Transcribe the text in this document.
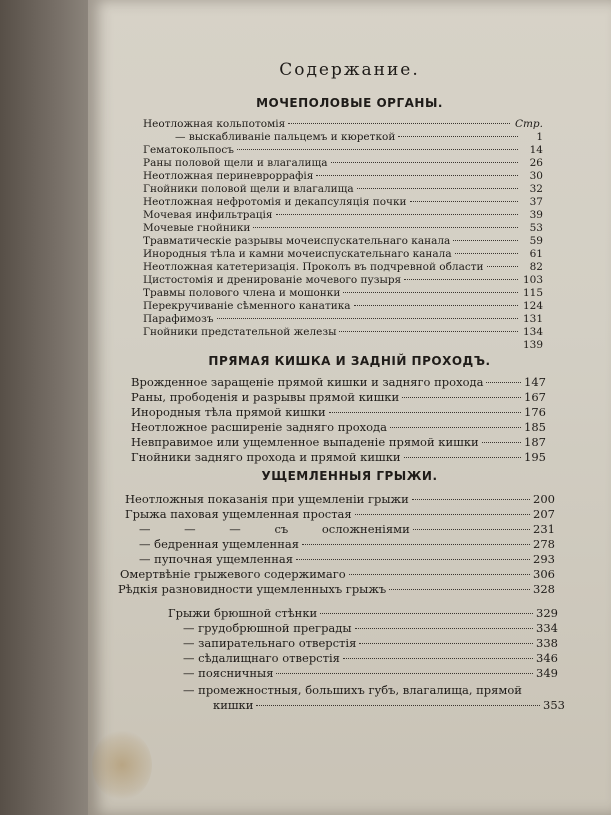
Содержание.
МОЧЕПОЛОВЫЕ ОРГАНЫ.
Неотложная кольпотомія	Стр.
— выскабливаніе пальцемъ и кюреткой	1
Гематокольпосъ	14
Раны половой щели и влагалища	26
Неотложная периневроррафія	30
Гнойники половой щели и влагалища	32
Неотложная нефротомія и декапсуляція почки	37
Мочевая инфильтрація	39
Мочевые гнойники	53
Травматическіе разрывы мочеиспускательнаго канала	59
Инородныя тѣла и камни мочеиспускательнаго канала	61
Неотложная катетеризація. Проколъ въ подчревной области	82
Цистостомія и дренированіе мочевого пузыря	103
Травмы полового члена и мошонки	115
Перекручиваніе сѣменного канатика	124
Парафимозъ	131
Гнойники предстательной железы	134
139
ПРЯМАЯ КИШКА И ЗАДНІЙ ПРОХОДЪ.
Врожденное заращеніе прямой кишки и задняго прохода	147
Раны, прободенія и разрывы прямой кишки	167
Инородныя тѣла прямой кишки	176
Неотложное расширеніе задняго прохода	185
Невправимое или ущемленное выпаденіе прямой кишки	187
Гнойники задняго прохода и прямой кишки	195
УЩЕМЛЕННЫЯ ГРЫЖИ.
Неотложныя показанія при ущемленіи грыжи	200
Грыжа паховая ущемленная простая	207
— — — съ осложненіями	231
— бедренная ущемленная	278
— пупочная ущемленная	293
Омертвѣніе грыжевого содержимаго	306
Рѣдкія разновидности ущемленныхъ грыжъ	328
Грыжи брюшной стѣнки	329
— грудобрюшной преграды	334
— запирательнаго отверстія	338
— сѣдалищнаго отверстія	346
— поясничныя	349
— промежностныя, большихъ губъ, влагалища, прямой
кишки	353
